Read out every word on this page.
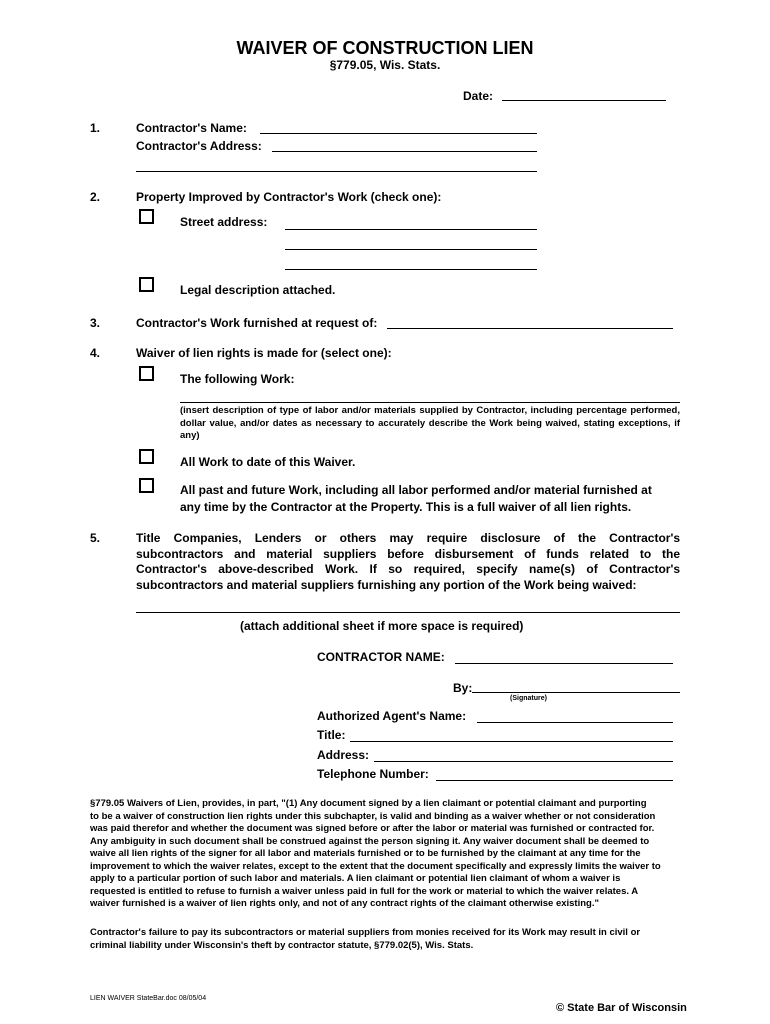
WAIVER OF CONSTRUCTION LIEN
§779.05, Wis. Stats.
Date:
1.	Contractor's Name:
Contractor's Address:
2.	Property Improved by Contractor's Work (check one):
Street address:
Legal description attached.
3.	Contractor's Work furnished at request of:
4.	Waiver of lien rights is made for (select one):
The following Work:
(insert description of type of labor and/or materials supplied by Contractor, including percentage performed, dollar value, and/or dates as necessary to accurately describe the Work being waived, stating exceptions, if any)
All Work to date of this Waiver.
All past and future Work, including all labor performed and/or material furnished at
any time by the Contractor at the Property. This is a full waiver of all lien rights.
5.	Title Companies, Lenders or others may require disclosure of the Contractor's
subcontractors and material suppliers before disbursement of funds related to the
Contractor's above-described Work. If so required, specify name(s) of Contractor's
subcontractors and material suppliers furnishing any portion of the Work being waived:
(attach additional sheet if more space is required)
CONTRACTOR NAME:
By:
(Signature)
Authorized Agent's Name:
Title:
Address:
Telephone Number:
§779.05 Waivers of Lien, provides, in part, "(1) Any document signed by a lien claimant or potential claimant and purporting
to be a waiver of construction lien rights under this subchapter, is valid and binding as a waiver whether or not consideration
was paid therefor and whether the document was signed before or after the labor or material was furnished or contracted for.
Any ambiguity in such document shall be construed against the person signing it. Any waiver document shall be deemed to
waive all lien rights of the signer for all labor and materials furnished or to be furnished by the claimant at any time for the
improvement to which the waiver relates, except to the extent that the document specifically and expressly limits the waiver to
apply to a particular portion of such labor and materials. A lien claimant or potential lien claimant of whom a waiver is
requested is entitled to refuse to furnish a waiver unless paid in full for the work or material to which the waiver relates. A
waiver furnished is a waiver of lien rights only, and not of any contract rights of the claimant otherwise existing."
Contractor's failure to pay its subcontractors or material suppliers from monies received for its Work may result in civil or
criminal liability under Wisconsin's theft by contractor statute, §779.02(5), Wis. Stats.
LIEN WAIVER StateBar.doc 08/05/04
© State Bar of Wisconsin
